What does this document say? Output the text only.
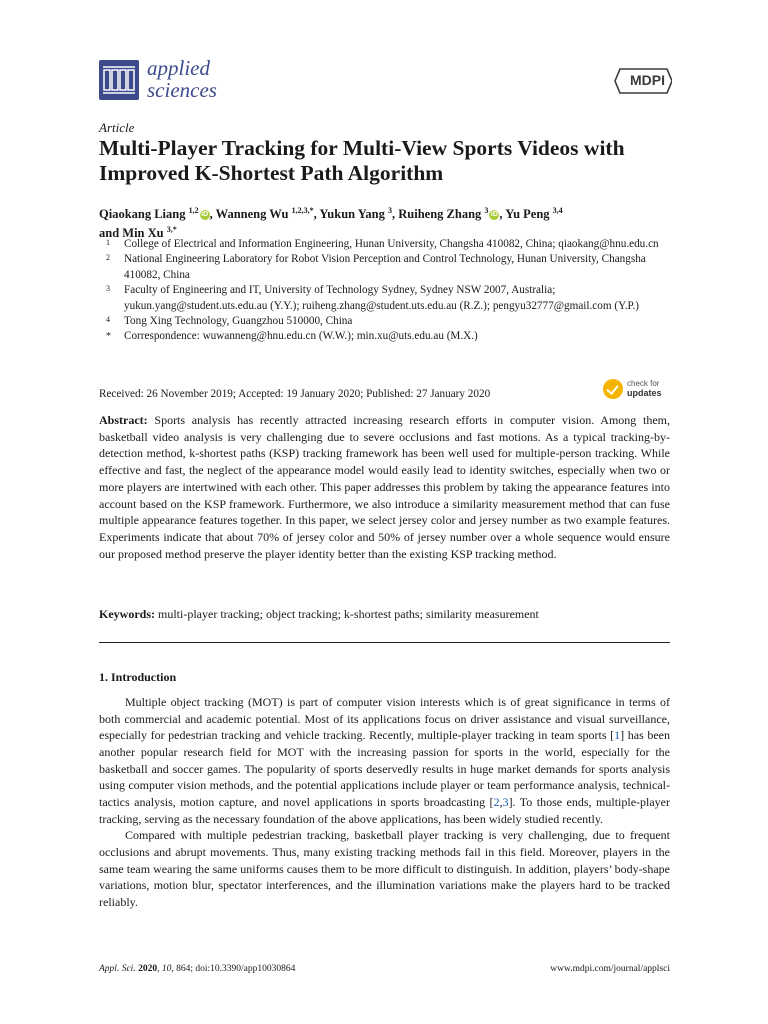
applied
sciences	MDPI
Article
Multi-Player Tracking for Multi-View Sports Videos with Improved K-Shortest Path Algorithm
Qiaokang Liang $^{1,2}$ iD , Wanneng Wu $^{1,2,3,*}$, Yukun Yang $^3$, Ruiheng Zhang $^3$ iD , Yu Peng $^{3,4}$
and Min Xu $^{3,*}$
1 College of Electrical and Information Engineering, Hunan University, Changsha 410082, China; qiaokang@hnu.edu.cn
2 National Engineering Laboratory for Robot Vision Perception and Control Technology, Hunan University, Changsha 410082, China
3 Faculty of Engineering and IT, University of Technology Sydney, Sydney NSW 2007, Australia; yukun.yang@student.uts.edu.au (Y.Y.); ruiheng.zhang@student.uts.edu.au (R.Z.); pengyu32777@gmail.com (Y.P.)
4 Tong Xing Technology, Guangzhou 510000, China
* Correspondence: wuwanneng@hnu.edu.cn (W.W.); min.xu@uts.edu.au (M.X.)
Received: 26 November 2019; Accepted: 19 January 2020; Published: 27 January 2020
check for
updates
Abstract: Sports analysis has recently attracted increasing research efforts in computer vision. Among them, basketball video analysis is very challenging due to severe occlusions and fast motions. As a typical tracking-by-detection method, k-shortest paths (KSP) tracking framework has been well used for multiple-person tracking. While effective and fast, the neglect of the appearance model would easily lead to identity switches, especially when two or more players are intertwined with each other. This paper addresses this problem by taking the appearance features into account based on the KSP framework. Furthermore, we also introduce a similarity measurement method that can fuse multiple appearance features together. In this paper, we select jersey color and jersey number as two example features. Experiments indicate that about 70% of jersey color and 50% of jersey number over a whole sequence would ensure our proposed method preserve the player identity better than the existing KSP tracking method.
Keywords: multi-player tracking; object tracking; k-shortest paths; similarity measurement
1. Introduction

Multiple object tracking (MOT) is part of computer vision interests which is of great significance in terms of both commercial and academic potential. Most of its applications focus on driver assistance and visual surveillance, especially for pedestrian tracking and vehicle tracking. Recently, multiple-player tracking in team sports [1] has been another popular research field for MOT with the increasing passion for sports in the world, especially for the basketball and soccer games. The popularity of sports deservedly results in huge market demands for sports analysis using computer vision methods, and the potential applications include player or team performance analysis, technical-tactics analysis, motion capture, and novel applications in sports broadcasting [2,3]. To those ends, multiple-player tracking, serving as the necessary foundation of the above applications, has been widely studied recently.

Compared with multiple pedestrian tracking, basketball player tracking is very challenging, due to frequent occlusions and abrupt movements. Thus, many existing tracking methods fail in this field. Moreover, players in the same team wearing the same uniforms causes them to be more difficult to distinguish. In addition, players’ body-shape variations, motion blur, spectator interferences, and the illumination variations make the players hard to be tracked reliably.

Appl. Sci. 2020, 10, 864; doi:10.3390/app10030864	www.mdpi.com/journal/applsci
